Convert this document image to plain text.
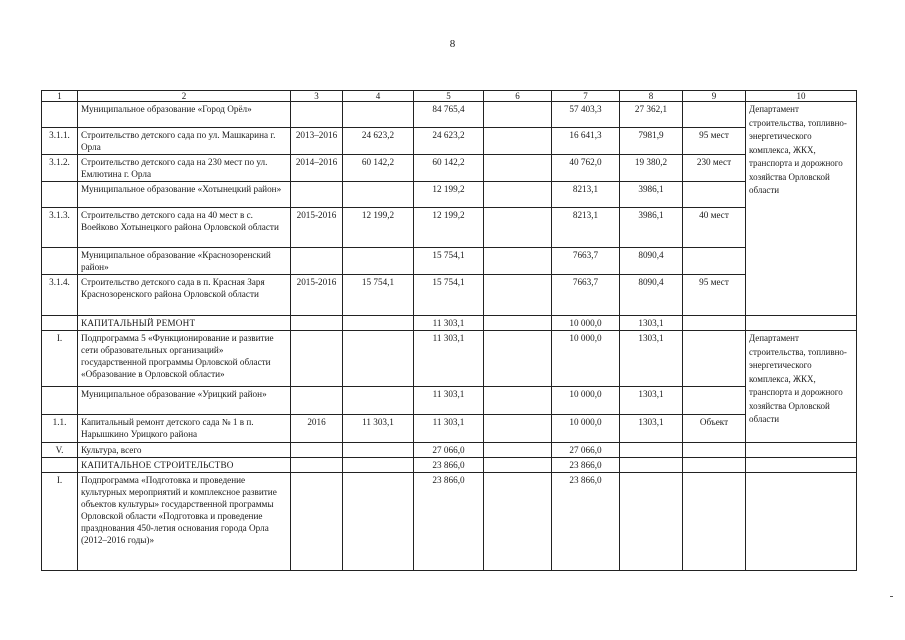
8
1	2	3	4	5	6	7	8	9	10
	Муниципальное образование «Город Орёл»			84 765,4		57 403,3	27 362,1		Департамент строительства, топливно-энергетического комплекса, ЖКХ, транспорта и дорожного хозяйства Орловской области
3.1.1.	Строительство детского сада по ул. Машкарина г. Орла	2013–2016	24 623,2	24 623,2		16 641,3	7981,9	95 мест	
3.1.2.	Строительство детского сада на 230 мест по ул. Емлютина г. Орла	2014–2016	60 142,2	60 142,2		40 762,0	19 380,2	230 мест	
	Муниципальное образование «Хотынецкий район»			12 199,2		8213,1	3986,1		
3.1.3.	Строительство детского сада на 40 мест в с. Воейково Хотынецкого района Орловской области	2015-2016	12 199,2	12 199,2		8213,1	3986,1	40 мест	
	Муниципальное образование «Краснозоренский район»			15 754,1		7663,7	8090,4		
3.1.4.	Строительство детского сада в п. Красная Заря Краснозоренского района Орловской области	2015-2016	15 754,1	15 754,1		7663,7	8090,4	95 мест	
	КАПИТАЛЬНЫЙ РЕМОНТ			11 303,1		10 000,0	1303,1		
I.	Подпрограмма 5 «Функционирование и развитие сети образовательных организаций» государственной программы Орловской области «Образование в Орловской области»			11 303,1		10 000,0	1303,1		Департамент строительства, топливно-энергетического комплекса, ЖКХ, транспорта и дорожного хозяйства Орловской области
	Муниципальное образование «Урицкий район»			11 303,1		10 000,0	1303,1		
1.1.	Капитальный ремонт детского сада № 1 в п. Нарышкино Урицкого района	2016	11 303,1	11 303,1		10 000,0	1303,1	Объект	
V.	Культура, всего			27 066,0		27 066,0			
	КАПИТАЛЬНОЕ СТРОИТЕЛЬСТВО			23 866,0		23 866,0			
I.	Подпрограмма «Подготовка и проведение культурных мероприятий и комплексное развитие объектов культуры» государственной программы Орловской области «Подготовка и проведение празднования 450-летия основания города Орла (2012–2016 годы)»			23 866,0		23 866,0			
